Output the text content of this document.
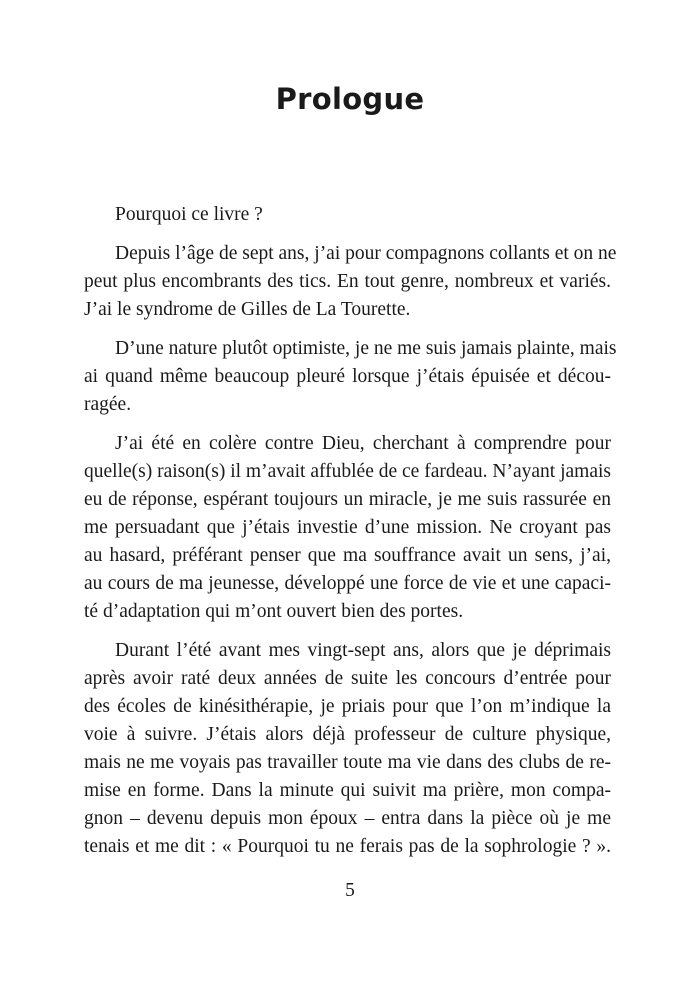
Prologue
Pourquoi ce livre ?
Depuis l’âge de sept ans, j’ai pour compagnons collants et on ne
peut plus encombrants des tics. En tout genre, nombreux et variés.
J’ai le syndrome de Gilles de La Tourette.
D’une nature plutôt optimiste, je ne me suis jamais plainte, mais
ai quand même beaucoup pleuré lorsque j’étais épuisée et décou-
ragée.
J’ai été en colère contre Dieu, cherchant à comprendre pour
quelle(s) raison(s) il m’avait affublée de ce fardeau. N’ayant jamais
eu de réponse, espérant toujours un miracle, je me suis rassurée en
me persuadant que j’étais investie d’une mission. Ne croyant pas
au hasard, préférant penser que ma souffrance avait un sens, j’ai,
au cours de ma jeunesse, développé une force de vie et une capaci-
té d’adaptation qui m’ont ouvert bien des portes.
Durant l’été avant mes vingt-sept ans, alors que je déprimais
après avoir raté deux années de suite les concours d’entrée pour
des écoles de kinésithérapie, je priais pour que l’on m’indique la
voie à suivre. J’étais alors déjà professeur de culture physique,
mais ne me voyais pas travailler toute ma vie dans des clubs de re-
mise en forme. Dans la minute qui suivit ma prière, mon compa-
gnon – devenu depuis mon époux – entra dans la pièce où je me
tenais et me dit : « Pourquoi tu ne ferais pas de la sophrologie ? ».
5
